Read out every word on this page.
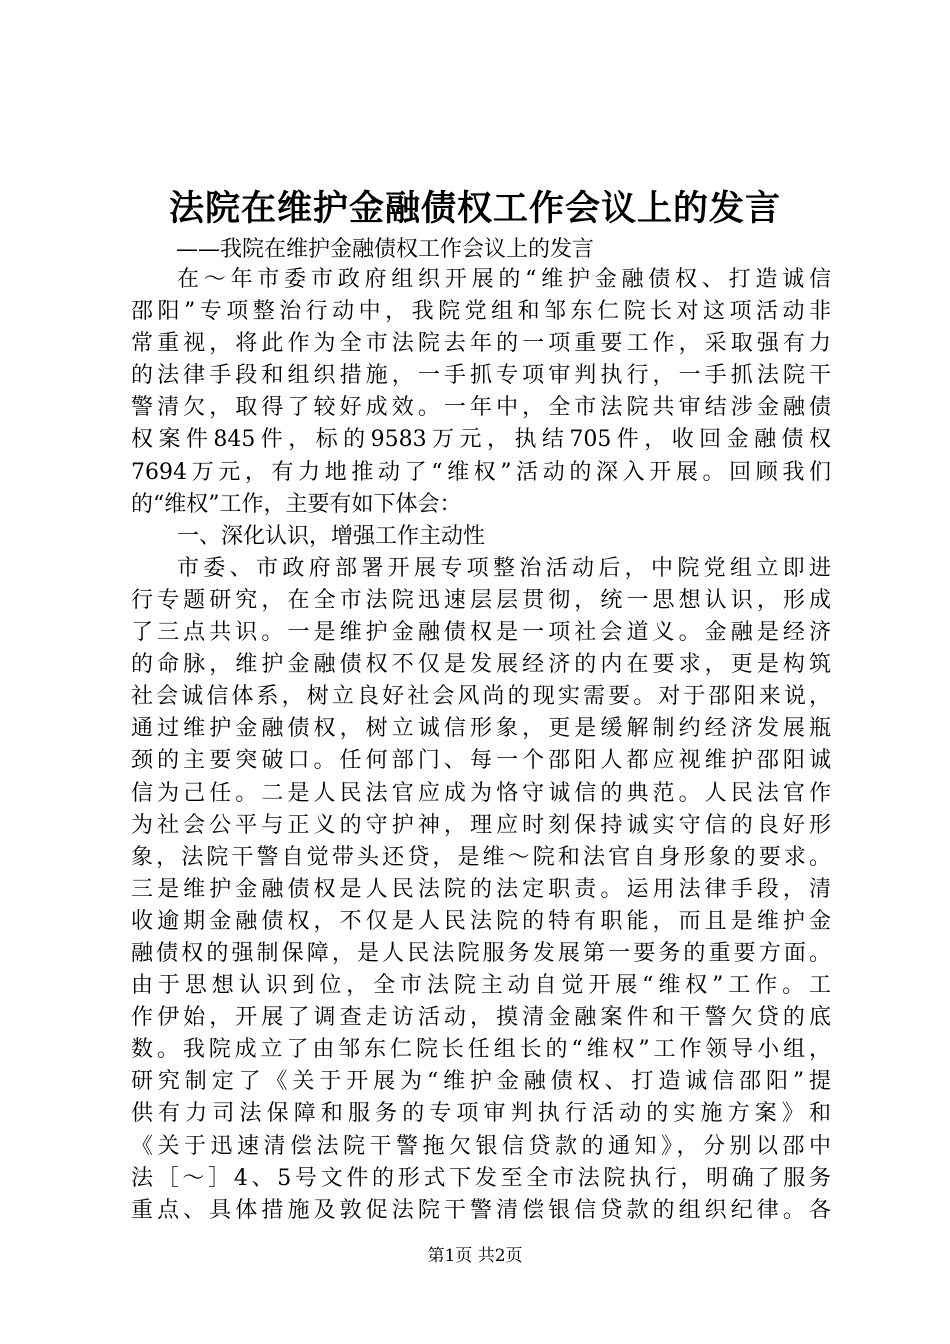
法院在维护金融债权工作会议上的发言
——我院在维护金融债权工作会议上的发言
在～年市委市政府组织开展的“维护金融债权、打造诚信
邵阳”专项整治行动中，我院党组和邹东仁院长对这项活动非
常重视，将此作为全市法院去年的一项重要工作，采取强有力
的法律手段和组织措施，一手抓专项审判执行，一手抓法院干
警清欠，取得了较好成效。一年中，全市法院共审结涉金融债
权案件845件，标的9583万元，执结705件，收回金融债权
7694万元，有力地推动了“维权”活动的深入开展。回顾我们
的“维权”工作，主要有如下体会：
一、深化认识，增强工作主动性
市委、市政府部署开展专项整治活动后，中院党组立即进
行专题研究，在全市法院迅速层层贯彻，统一思想认识，形成
了三点共识。一是维护金融债权是一项社会道义。金融是经济
的命脉，维护金融债权不仅是发展经济的内在要求，更是构筑
社会诚信体系，树立良好社会风尚的现实需要。对于邵阳来说，
通过维护金融债权，树立诚信形象，更是缓解制约经济发展瓶
颈的主要突破口。任何部门、每一个邵阳人都应视维护邵阳诚
信为己任。二是人民法官应成为恪守诚信的典范。人民法官作
为社会公平与正义的守护神，理应时刻保持诚实守信的良好形
象，法院干警自觉带头还贷，是维～院和法官自身形象的要求。
三是维护金融债权是人民法院的法定职责。运用法律手段，清
收逾期金融债权，不仅是人民法院的特有职能，而且是维护金
融债权的强制保障，是人民法院服务发展第一要务的重要方面。
由于思想认识到位，全市法院主动自觉开展“维权”工作。工
作伊始，开展了调查走访活动，摸清金融案件和干警欠贷的底
数。我院成立了由邹东仁院长任组长的“维权”工作领导小组，
研究制定了《关于开展为“维护金融债权、打造诚信邵阳”提
供有力司法保障和服务的专项审判执行活动的实施方案》和
《关于迅速清偿法院干警拖欠银信贷款的通知》，分别以邵中
法［～］4、5号文件的形式下发至全市法院执行，明确了服务
重点、具体措施及敦促法院干警清偿银信贷款的组织纪律。各
第1页 共2页
